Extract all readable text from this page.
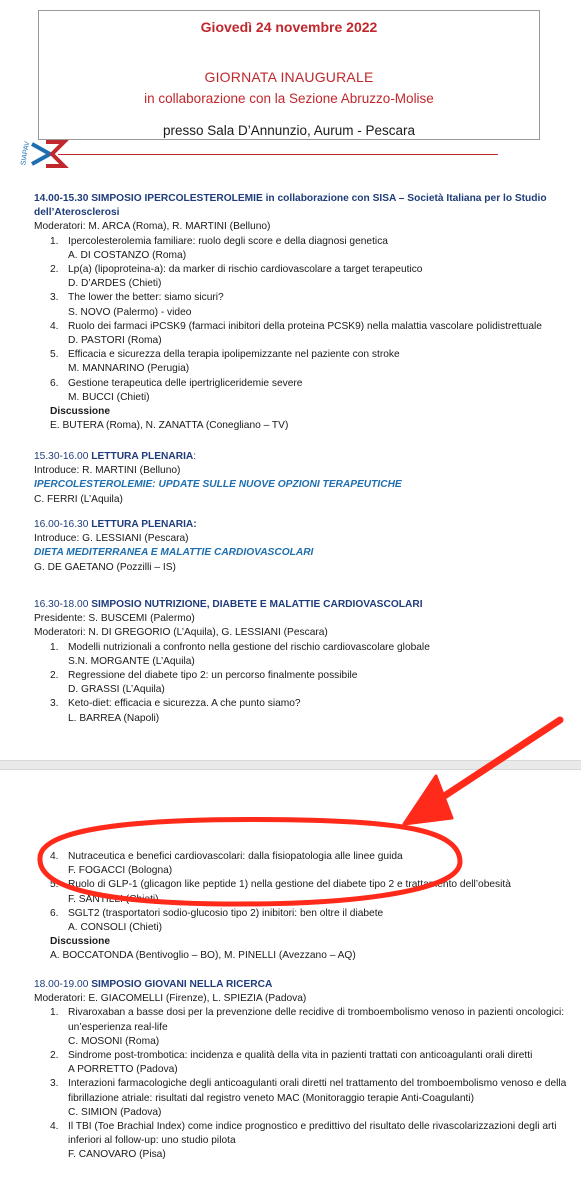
Giovedì 24 novembre 2022
GIORNATA INAUGURALE
in collaborazione con la Sezione Abruzzo-Molise
presso Sala D’Annunzio, Aurum - Pescara
SIAPAV
14.00-15.30 SIMPOSIO IPERCOLESTEROLEMIE in collaborazione con SISA – Società Italiana per lo Studio
dell’Aterosclerosi
Moderatori: M. ARCA (Roma), R. MARTINI (Belluno)
1. Ipercolesterolemia familiare: ruolo degli score e della diagnosi genetica
A. DI COSTANZO (Roma)
2. Lp(a) (lipoproteina-a): da marker di rischio cardiovascolare a target terapeutico
D. D’ARDES (Chieti)
3. The lower the better: siamo sicuri?
S. NOVO (Palermo) - video
4. Ruolo dei farmaci iPCSK9 (farmaci inibitori della proteina PCSK9) nella malattia vascolare polidistrettuale
D. PASTORI (Roma)
5. Efficacia e sicurezza della terapia ipolipemizzante nel paziente con stroke
M. MANNARINO (Perugia)
6. Gestione terapeutica delle ipertrigliceridemie severe
M. BUCCI (Chieti)
Discussione
E. BUTERA (Roma), N. ZANATTA (Conegliano – TV)
15.30-16.00 LETTURA PLENARIA:
Introduce: R. MARTINI (Belluno)
IPERCOLESTEROLEMIE: UPDATE SULLE NUOVE OPZIONI TERAPEUTICHE
C. FERRI (L’Aquila)
16.00-16.30 LETTURA PLENARIA:
Introduce: G. LESSIANI (Pescara)
DIETA MEDITERRANEA E MALATTIE CARDIOVASCOLARI
G. DE GAETANO (Pozzilli – IS)
16.30-18.00 SIMPOSIO NUTRIZIONE, DIABETE E MALATTIE CARDIOVASCOLARI
Presidente: S. BUSCEMI (Palermo)
Moderatori: N. DI GREGORIO (L’Aquila), G. LESSIANI (Pescara)
1. Modelli nutrizionali a confronto nella gestione del rischio cardiovascolare globale
S.N. MORGANTE (L’Aquila)
2. Regressione del diabete tipo 2: un percorso finalmente possibile
D. GRASSI (L’Aquila)
3. Keto-diet: efficacia e sicurezza. A che punto siamo?
L. BARREA (Napoli)
4. Nutraceutica e benefici cardiovascolari: dalla fisiopatologia alle linee guida
F. FOGACCI (Bologna)
5. Ruolo di GLP-1 (glicagon like peptide 1) nella gestione del diabete tipo 2 e trattamento dell’obesità
F. SANTILLI (Chieti)
6. SGLT2 (trasportatori sodio-glucosio tipo 2) inibitori: ben oltre il diabete
A. CONSOLI (Chieti)
Discussione
A. BOCCATONDA (Bentivoglio – BO), M. PINELLI (Avezzano – AQ)
18.00-19.00 SIMPOSIO GIOVANI NELLA RICERCA
Moderatori: E. GIACOMELLI (Firenze), L. SPIEZIA (Padova)
1. Rivaroxaban a basse dosi per la prevenzione delle recidive di tromboembolismo venoso in pazienti oncologici: un’esperienza real-life
C. MOSONI (Roma)
2. Sindrome post-trombotica: incidenza e qualità della vita in pazienti trattati con anticoagulanti orali diretti
A PORRETTO (Padova)
3. Interazioni farmacologiche degli anticoagulanti orali diretti nel trattamento del tromboembolismo venoso e della fibrillazione atriale: risultati dal registro veneto MAC (Monitoraggio terapie Anti-Coagulanti)
C. SIMION (Padova)
4. Il TBI (Toe Brachial Index) come indice prognostico e predittivo del risultato delle rivascolarizzazioni degli arti inferiori al follow-up: uno studio pilota
F. CANOVARO (Pisa)
